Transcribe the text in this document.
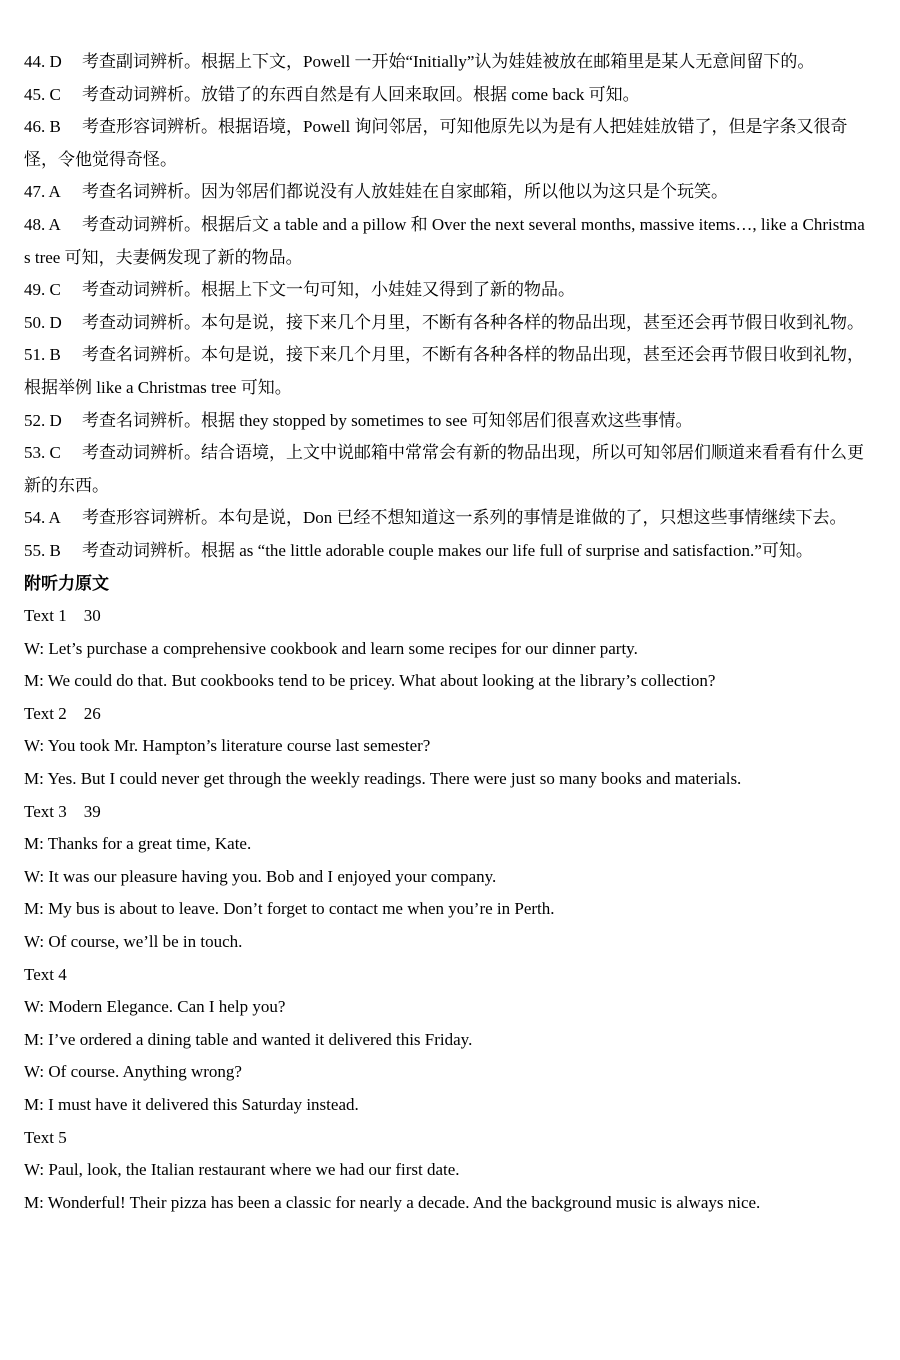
44. D 考查副词辨析。根据上下文，Powell 一开始“Initially”认为娃娃被放在邮箱里是某人无意间留下的。
45. C 考查动词辨析。放错了的东西自然是有人回来取回。根据 come back 可知。
46. B 考查形容词辨析。根据语境，Powell 询问邻居，可知他原先以为是有人把娃娃放错了，但是字条又很奇怪，令他觉得奇怪。
47. A 考查名词辨析。因为邻居们都说没有人放娃娃在自家邮箱，所以他以为这只是个玩笑。
48. A 考查动词辨析。根据后文 a table and a pillow 和 Over the next several months, massive items…, like a Christmas tree 可知，夫妻俩发现了新的物品。
49. C 考查动词辨析。根据上下文一句可知，小娃娃又得到了新的物品。
50. D 考查动词辨析。本句是说，接下来几个月里，不断有各种各样的物品出现，甚至还会再节假日收到礼物。
51. B 考查名词辨析。本句是说，接下来几个月里，不断有各种各样的物品出现，甚至还会再节假日收到礼物，根据举例 like a Christmas tree 可知。
52. D 考查名词辨析。根据 they stopped by sometimes to see 可知邻居们很喜欢这些事情。
53. C 考查动词辨析。结合语境，上文中说邮箱中常常会有新的物品出现，所以可知邻居们顺道来看看有什么更新的东西。
54. A 考查形容词辨析。本句是说，Don 已经不想知道这一系列的事情是谁做的了，只想这些事情继续下去。
55. B 考查动词辨析。根据 as “the little adorable couple makes our life full of surprise and satisfaction.”可知。
附听力原文
Text 1    30
W: Let’s purchase a comprehensive cookbook and learn some recipes for our dinner party.
M: We could do that. But cookbooks tend to be pricey. What about looking at the library’s collection?
Text 2    26
W: You took Mr. Hampton’s literature course last semester?
M: Yes. But I could never get through the weekly readings. There were just so many books and materials.
Text 3    39
M: Thanks for a great time, Kate.
W: It was our pleasure having you. Bob and I enjoyed your company.
M: My bus is about to leave. Don’t forget to contact me when you’re in Perth.
W: Of course, we’ll be in touch.
Text 4
W: Modern Elegance. Can I help you?
M: I’ve ordered a dining table and wanted it delivered this Friday.
W: Of course. Anything wrong?
M: I must have it delivered this Saturday instead.
Text 5
W: Paul, look, the Italian restaurant where we had our first date.
M: Wonderful! Their pizza has been a classic for nearly a decade. And the background music is always nice.
